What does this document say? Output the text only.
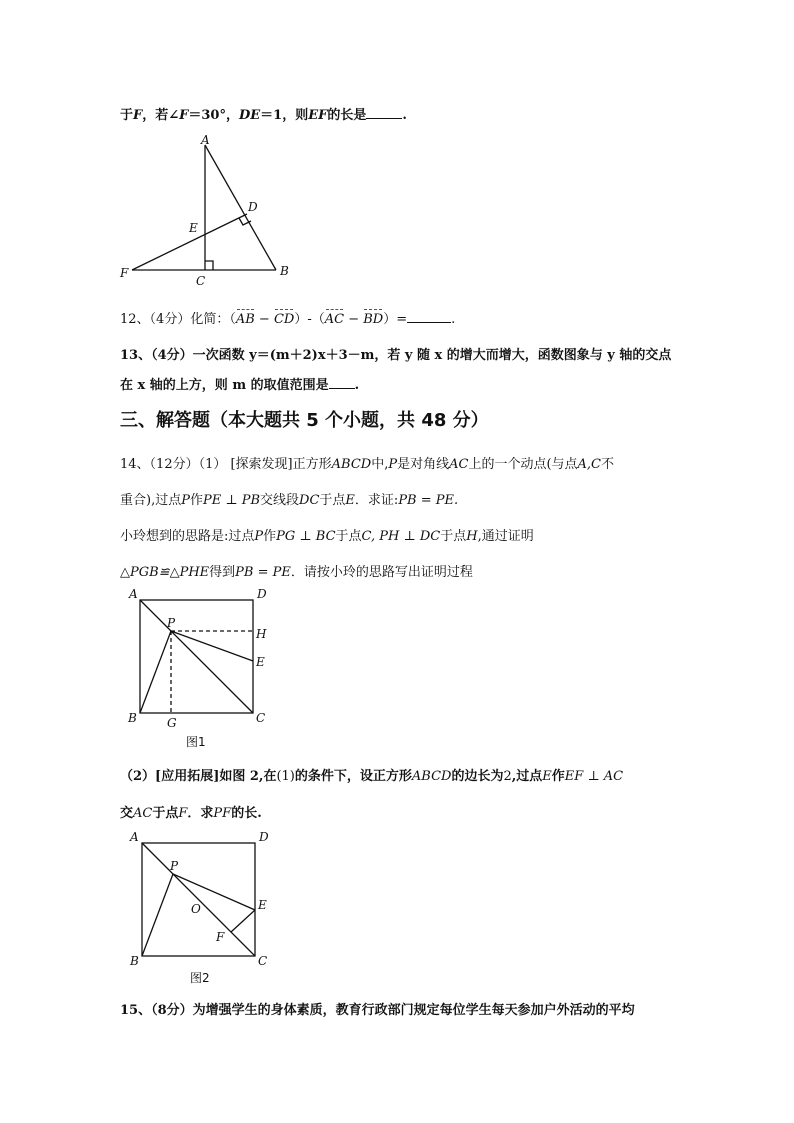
于F，若∠F＝30°，DE＝1，则EF的长是	.
A
D
E
F
C
B
12、（4分）化简：（AB − CD）-（AC − BD）=	.
13、（4分）一次函数 y＝(m＋2)x＋3－m，若 y 随 x 的增大而增大，函数图象与 y 轴的交点
在 x 轴的上方，则 m 的取值范围是 .
三、解答题（本大题共 5 个小题，共 48 分）
14、（12分）（1） [探索发现]正方形ABCD中,P是对角线AC上的一个动点(与点A,C不
重合),过点P作PE ⊥ PB交线段DC于点E．求证:PB = PE.
小玲想到的思路是:过点P作PG ⊥ BC于点C, PH ⊥ DC于点H,通过证明
△PGB≌△PHE得到PB = PE．请按小玲的思路写出证明过程
A	D
P
H
E
B	G	C
图1
（2）[应用拓展]如图 2,在(1)的条件下，设正方形ABCD的边长为2,过点E作EF ⊥ AC
交AC于点F．求PF的长.
A	D
P
O	E
F
B	C
图2
15、（8分）为增强学生的身体素质，教育行政部门规定每位学生每天参加户外活动的平均
